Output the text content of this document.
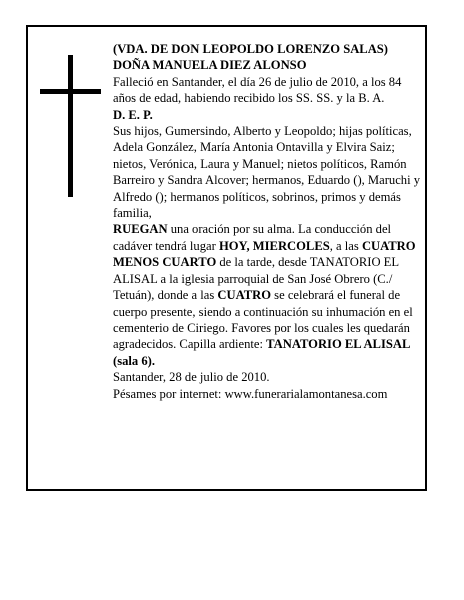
(VDA. DE DON LEOPOLDO LORENZO SALAS)

DOÑA MANUELA DIEZ ALONSO

Falleció en Santander, el día 26 de julio de 2010, a los 84 años de edad, habiendo recibido los SS. SS. y la B. A.

D. E. P.

Sus hijos, Gumersindo, Alberto y Leopoldo; hijas políticas, Adela González, María Antonia Ontavilla y Elvira Saiz; nietos, Verónica, Laura y Manuel; nietos políticos, Ramón Barreiro y Sandra Alcover; hermanos, Eduardo (), Maruchi y Alfredo (); hermanos políticos, sobrinos, primos y demás familia,

RUEGAN una oración por su alma. La conducción del cadáver tendrá lugar HOY, MIERCOLES, a las CUATRO MENOS CUARTO de la tarde, desde TANATORIO EL ALISAL a la iglesia parroquial de San José Obrero (C./ Tetuán), donde a las CUATRO se celebrará el funeral de cuerpo presente, siendo a continuación su inhumación en el cementerio de Ciriego. Favores por los cuales les quedarán agradecidos. Capilla ardiente: TANATORIO EL ALISAL (sala 6).

Santander, 28 de julio de 2010.

Pésames por internet: www.funerarialamontanesa.com
